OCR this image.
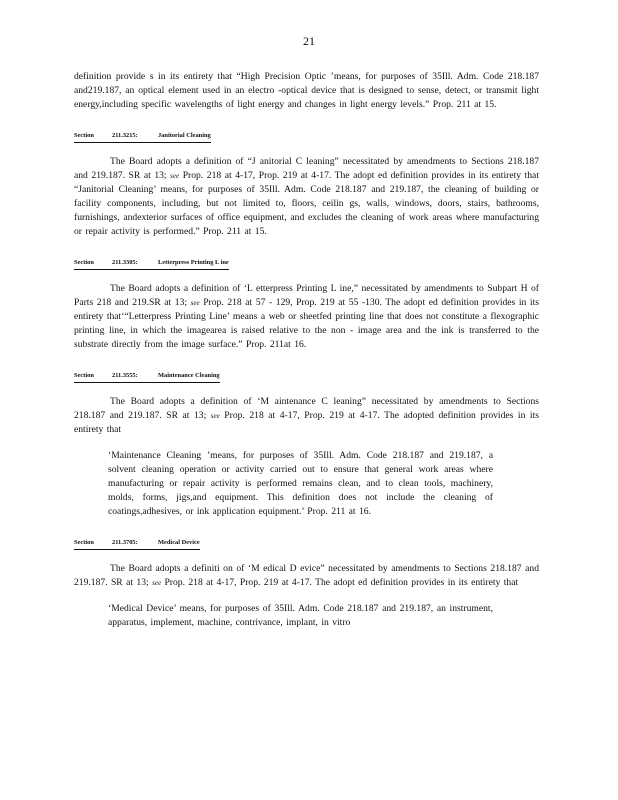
21

definition provide s in its entirety that “High Precision Optic ’means, for purposes of 35Ill. Adm. Code 218.187 and219.187, an optical element used in an electro -optical device that is designed to sense, detect, or transmit light energy,including specific wavelengths of light energy and changes in light energy levels.” Prop. 211 at 15.

Section	211.3215:	Janitorial Cleaning

The Board adopts a definition of “J anitorial C leaning” necessitated by amendments to Sections 218.187 and 219.187. SR at 13; see Prop. 218 at 4-17, Prop. 219 at 4-17. The adopt ed definition provides in its entirety that “Janitorial Cleaning’ means, for purposes of 35Ill. Adm. Code 218.187 and 219.187, the cleaning of building or facility components, including, but not limited to, floors, ceilin gs, walls, windows, doors, stairs, bathrooms, furnishings, andexterior surfaces of office equipment, and excludes the cleaning of work areas where manufacturing or repair activity is performed.” Prop. 211 at 15.

Section	211.3305:	Letterpress Printing L ine

The Board adopts a definition of ‘L etterpress Printing L ine,” necessitated by amendments to Subpart H of Parts 218 and 219.SR at 13; see Prop. 218 at 57 - 129, Prop. 219 at 55 -130. The adopt ed definition provides in its entirety that‘“Letterpress Printing Line’ means a web or sheetfed printing line that does not constitute a flexographic printing line, in which the imagearea is raised relative to the non - image area and the ink is transferred to the substrate directly from the image surface.” Prop. 211at 16.

Section	211.3555:	Maintenance Cleaning

The Board adopts a definition of ‘M aintenance C leaning” necessitated by amendments to Sections 218.187 and 219.187. SR at 13; see Prop. 218 at 4-17, Prop. 219 at 4-17. The adopted definition provides in its entirety that

‘Maintenance Cleaning ’means, for purposes of 35Ill. Adm. Code 218.187 and 219.187, a solvent cleaning operation or activity carried out to ensure that general work areas where manufacturing or repair activity is performed remains clean, and to clean tools, machinery, molds, forms, jigs,and equipment. This definition does not include the cleaning of coatings,adhesives, or ink application equipment.’ Prop. 211 at 16.

Section	211.3705:	Medical Device

The Board adopts a definiti on of ‘M edical D evice” necessitated by amendments to Sections 218.187 and 219.187. SR at 13; see Prop. 218 at 4-17, Prop. 219 at 4-17. The adopt ed definition provides in its entirety that

‘Medical Device’ means, for purposes of 35Ill. Adm. Code 218.187 and 219.187, an instrument, apparatus, implement, machine, contrivance, implant, in vitro
